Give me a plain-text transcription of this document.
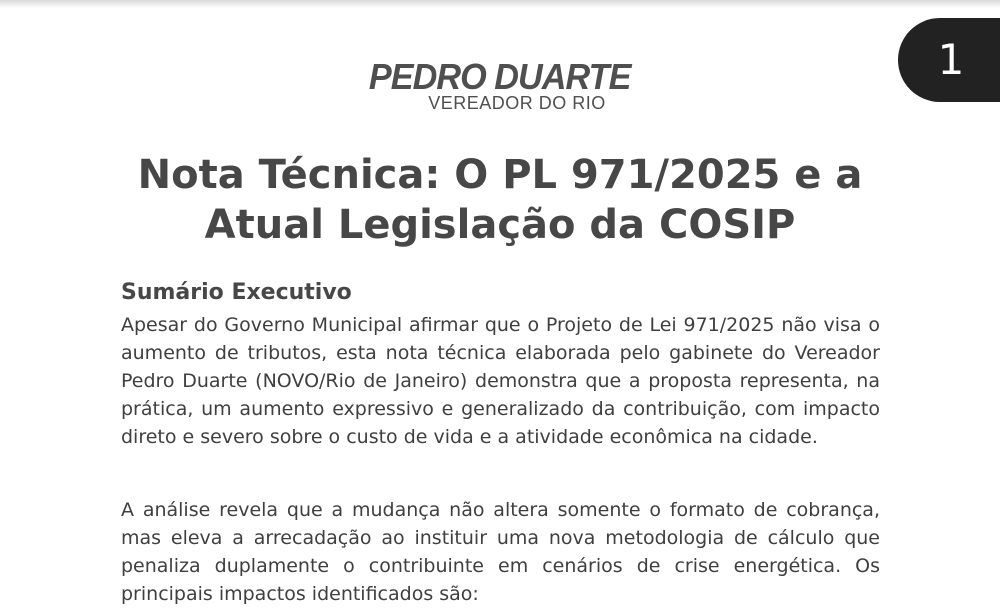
1
PEDRO DUARTE
VEREADOR DO RIO
Nota Técnica: O PL 971/2025 e a Atual Legislação da COSIP
Sumário Executivo

Apesar do Governo Municipal afirmar que o Projeto de Lei 971/2025 não visa o aumento de tributos, esta nota técnica elaborada pelo gabinete do Vereador Pedro Duarte (NOVO/Rio de Janeiro) demonstra que a proposta representa, na prática, um aumento expressivo e generalizado da contribuição, com impacto direto e severo sobre o custo de vida e a atividade econômica na cidade.

A análise revela que a mudança não altera somente o formato de cobrança, mas eleva a arrecadação ao instituir uma nova metodologia de cálculo que penaliza duplamente o contribuinte em cenários de crise energética. Os principais impactos identificados são:
